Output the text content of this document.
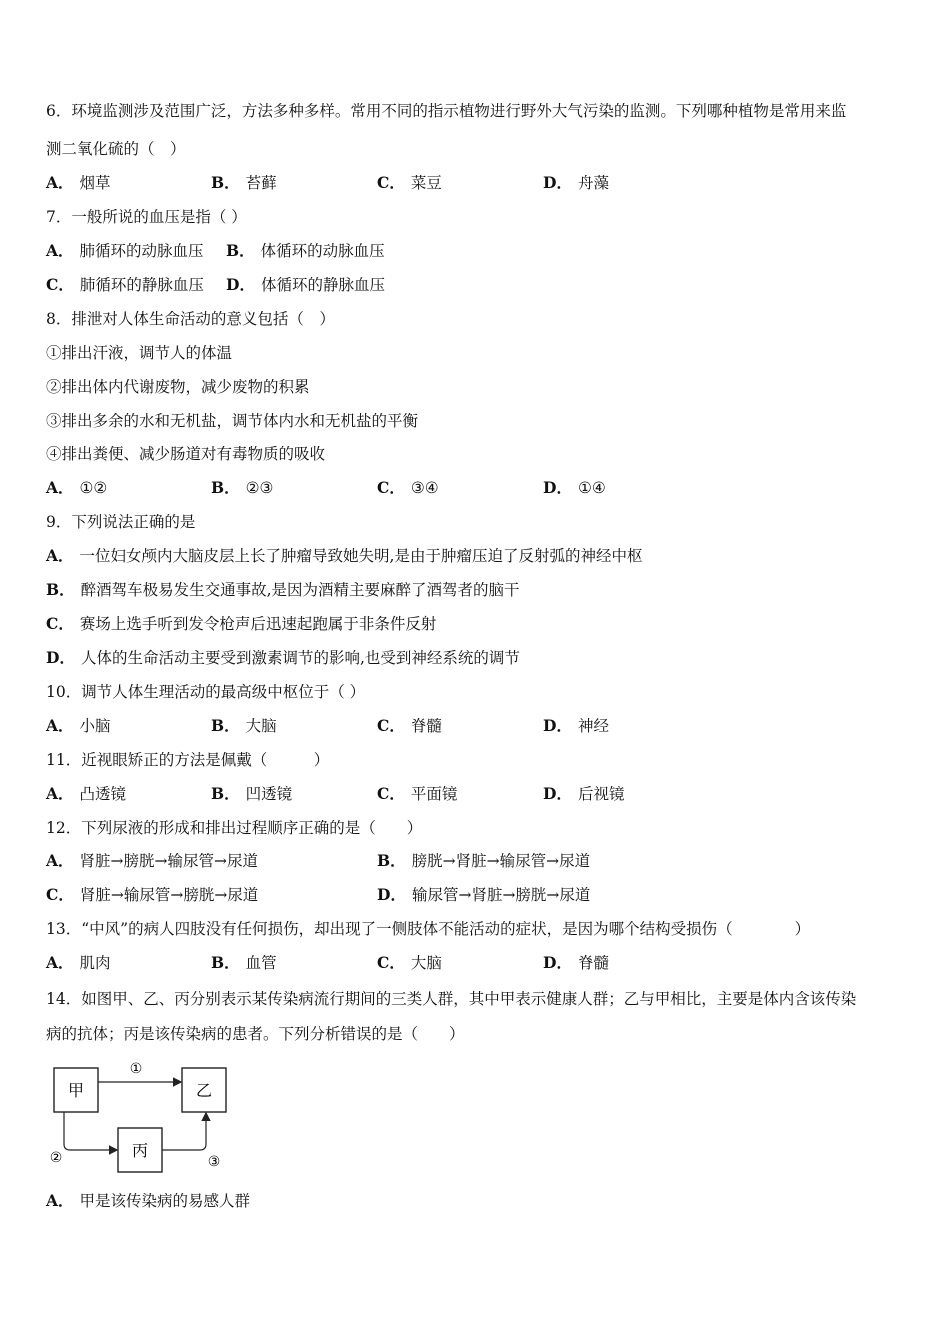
6．环境监测涉及范围广泛，方法多种多样。常用不同的指示植物进行野外大气污染的监测。下列哪种植物是常用来监
测二氧化硫的（　）
A． 烟草	B． 苔藓	C． 菜豆	D． 舟藻
7．一般所说的血压是指（ ）
A． 肺循环的动脉血压 B． 体循环的动脉血压
C． 肺循环的静脉血压 D． 体循环的静脉血压
8．排泄对人体生命活动的意义包括（　）
①排出汗液，调节人的体温
②排出体内代谢废物，减少废物的积累
③排出多余的水和无机盐，调节体内水和无机盐的平衡
④排出粪便、减少肠道对有毒物质的吸收
A． ①②	B． ②③	C． ③④	D． ①④
9．下列说法正确的是
A． 一位妇女颅内大脑皮层上长了肿瘤导致她失明,是由于肿瘤压迫了反射弧的神经中枢
B． 醉酒驾车极易发生交通事故,是因为酒精主要麻醉了酒驾者的脑干
C． 赛场上选手听到发令枪声后迅速起跑属于非条件反射
D． 人体的生命活动主要受到激素调节的影响,也受到神经系统的调节
10．调节人体生理活动的最高级中枢位于（ ）
A． 小脑	B． 大脑	C． 脊髓	D． 神经
11．近视眼矫正的方法是佩戴（　　　）
A． 凸透镜	B． 凹透镜	C． 平面镜	D． 后视镜
12．下列尿液的形成和排出过程顺序正确的是（　　）
A． 肾脏→膀胱→输尿管→尿道	B． 膀胱→肾脏→输尿管→尿道
C． 肾脏→输尿管→膀胱→尿道	D． 输尿管→肾脏→膀胱→尿道
13．“中风”的病人四肢没有任何损伤，却出现了一侧肢体不能活动的症状，是因为哪个结构受损伤（　　　　）
A． 肌肉	B． 血管	C． 大脑	D． 脊髓
14．如图甲、乙、丙分别表示某传染病流行期间的三类人群，其中甲表示健康人群；乙与甲相比，主要是体内含该传染
病的抗体；丙是该传染病的患者。下列分析错误的是（　　）
甲	乙
丙
①
②	③
A． 甲是该传染病的易感人群
